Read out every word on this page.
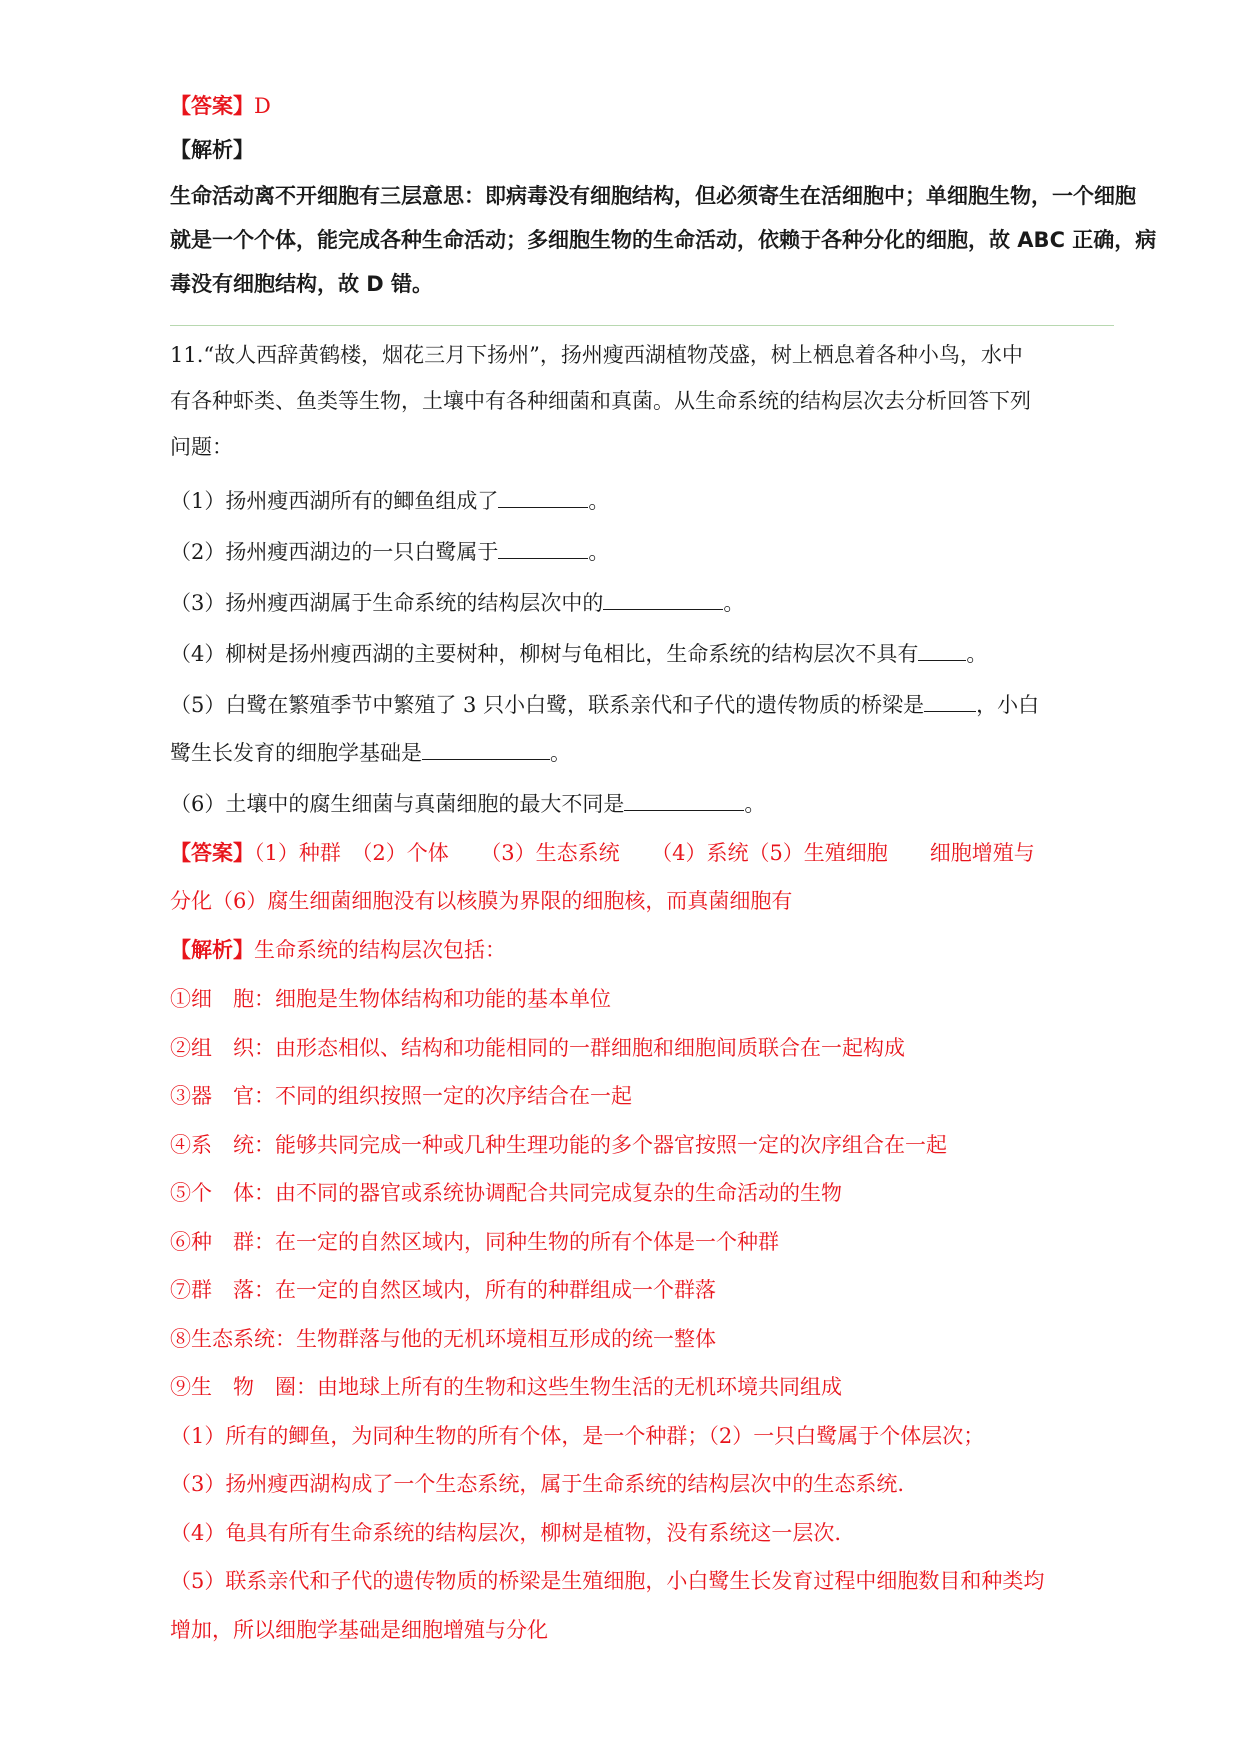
【答案】D
【解析】
生命活动离不开细胞有三层意思：即病毒没有细胞结构，但必须寄生在活细胞中；单细胞生物，一个细胞
就是一个个体，能完成各种生命活动；多细胞生物的生命活动，依赖于各种分化的细胞，故 ABC 正确，病
毒没有细胞结构，故 D 错。
11.“故人西辞黄鹤楼，烟花三月下扬州”，扬州瘦西湖植物茂盛，树上栖息着各种小鸟，水中
有各种虾类、鱼类等生物，土壤中有各种细菌和真菌。从生命系统的结构层次去分析回答下列
问题：
（1）扬州瘦西湖所有的鲫鱼组成了	。
（2）扬州瘦西湖边的一只白鹭属于	。
（3）扬州瘦西湖属于生命系统的结构层次中的	。
（4）柳树是扬州瘦西湖的主要树种，柳树与龟相比，生命系统的结构层次不具有 。
（5）白鹭在繁殖季节中繁殖了 3 只小白鹭，联系亲代和子代的遗传物质的桥梁是 ，小白
鹭生长发育的细胞学基础是	。
（6）土壤中的腐生细菌与真菌细胞的最大不同是	。
【答案】（1）种群　（2）个体　　（3）生态系统　　（4）系统（5）生殖细胞　　细胞增殖与
分化（6）腐生细菌细胞没有以核膜为界限的细胞核，而真菌细胞有
【解析】生命系统的结构层次包括：
①细　胞：细胞是生物体结构和功能的基本单位
②组　织：由形态相似、结构和功能相同的一群细胞和细胞间质联合在一起构成
③器　官：不同的组织按照一定的次序结合在一起
④系　统：能够共同完成一种或几种生理功能的多个器官按照一定的次序组合在一起
⑤个　体：由不同的器官或系统协调配合共同完成复杂的生命活动的生物
⑥种　群：在一定的自然区域内，同种生物的所有个体是一个种群
⑦群　落：在一定的自然区域内，所有的种群组成一个群落
⑧生态系统：生物群落与他的无机环境相互形成的统一整体
⑨生　物　圈：由地球上所有的生物和这些生物生活的无机环境共同组成
（1）所有的鲫鱼，为同种生物的所有个体，是一个种群；（2）一只白鹭属于个体层次；
（3）扬州瘦西湖构成了一个生态系统，属于生命系统的结构层次中的生态系统.
（4）龟具有所有生命系统的结构层次，柳树是植物，没有系统这一层次.
（5）联系亲代和子代的遗传物质的桥梁是生殖细胞，小白鹭生长发育过程中细胞数目和种类均
增加，所以细胞学基础是细胞增殖与分化
